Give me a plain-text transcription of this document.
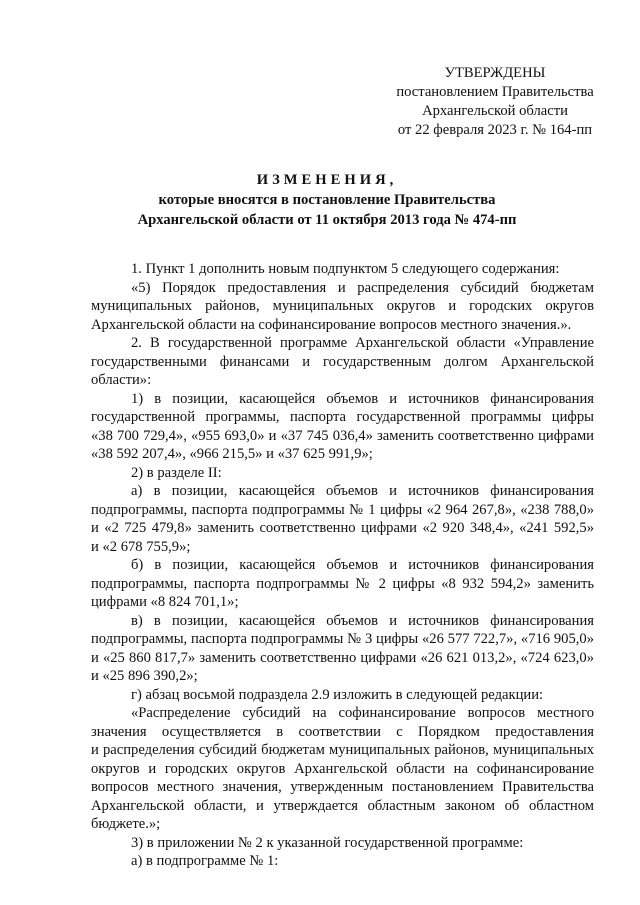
УТВЕРЖДЕНЫ
постановлением Правительства
Архангельской области
от 22 февраля 2023 г. № 164-пп
ИЗМЕНЕНИЯ,
которые вносятся в постановление Правительства
Архангельской области от 11 октября 2013 года № 474-пп
1. Пункт 1 дополнить новым подпунктом 5 следующего содержания:
«5) Порядок предоставления и распределения субсидий бюджетам
муниципальных районов, муниципальных округов и городских округов
Архангельской области на софинансирование вопросов местного значения.».
2. В государственной программе Архангельской области «Управление
государственными финансами и государственным долгом Архангельской
области»:
1) в позиции, касающейся объемов и источников финансирования
государственной программы, паспорта государственной программы цифры
«38 700 729,4», «955 693,0» и «37 745 036,4» заменить соответственно цифрами
«38 592 207,4», «966 215,5» и «37 625 991,9»;
2) в разделе II:
а) в позиции, касающейся объемов и источников финансирования
подпрограммы, паспорта подпрограммы № 1 цифры «2 964 267,8», «238 788,0»
и «2 725 479,8» заменить соответственно цифрами «2 920 348,4», «241 592,5»
и «2 678 755,9»;
б) в позиции, касающейся объемов и источников финансирования
подпрограммы, паспорта подпрограммы № 2 цифры «8 932 594,2» заменить
цифрами «8 824 701,1»;
в) в позиции, касающейся объемов и источников финансирования
подпрограммы, паспорта подпрограммы № 3 цифры «26 577 722,7», «716 905,0»
и «25 860 817,7» заменить соответственно цифрами «26 621 013,2», «724 623,0»
и «25 896 390,2»;
г) абзац восьмой подраздела 2.9 изложить в следующей редакции:
«Распределение субсидий на софинансирование вопросов местного
значения осуществляется в соответствии с Порядком предоставления
и распределения субсидий бюджетам муниципальных районов, муниципальных
округов и городских округов Архангельской области на софинансирование
вопросов местного значения, утвержденным постановлением Правительства
Архангельской области, и утверждается областным законом об областном
бюджете.»;
3) в приложении № 2 к указанной государственной программе:
а) в подпрограмме № 1:
